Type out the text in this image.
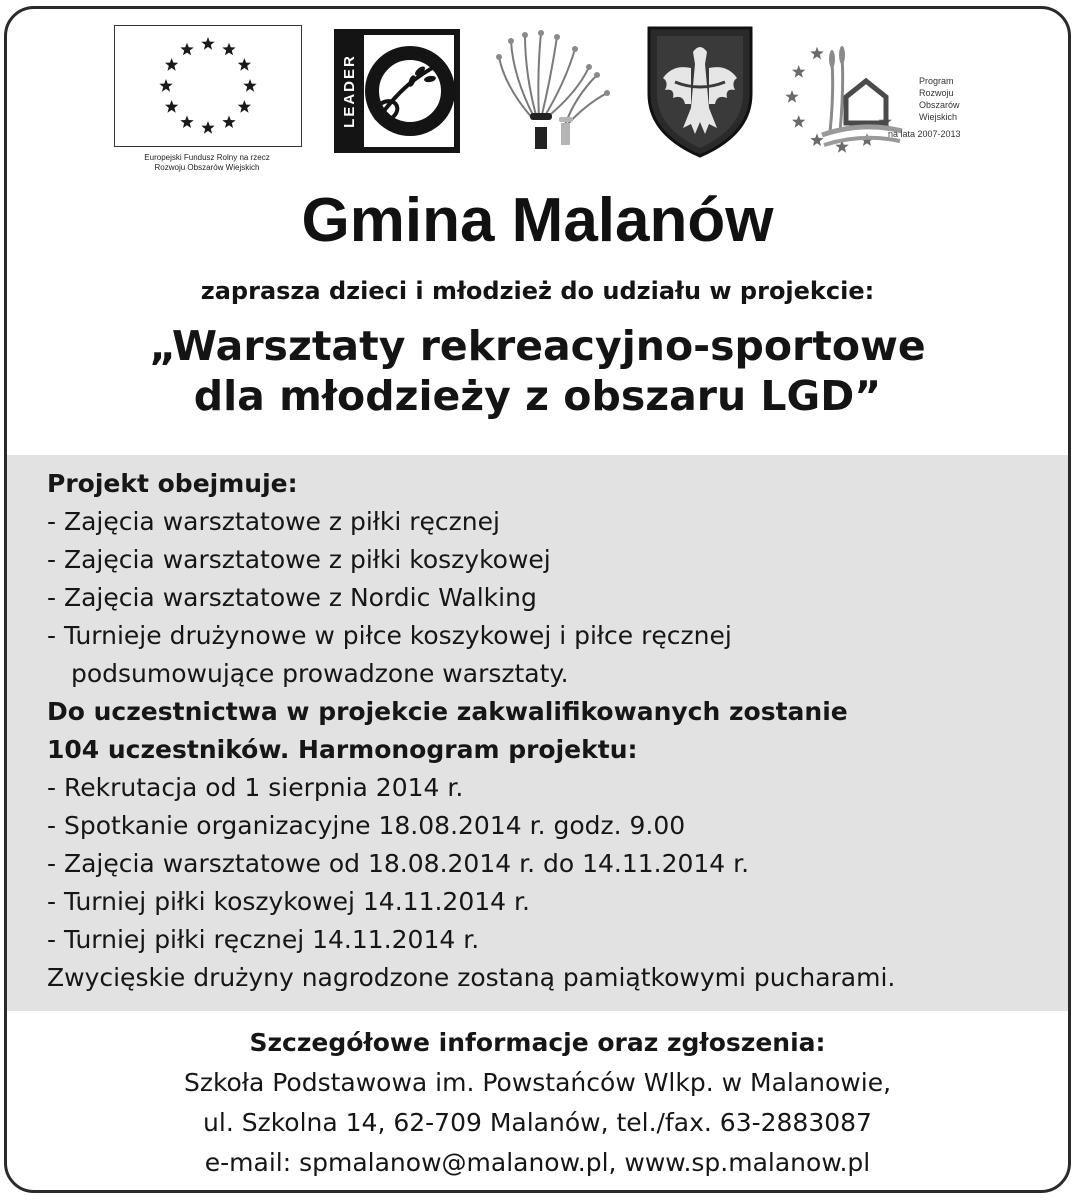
Europejski Fundusz Rolny na rzecz
Rozwoju Obszarów Wiejskich
LEADER	Program
Rozwoju
Obszarów
Wiejskich
na lata 2007-2013
Gmina Malanów

zaprasza dzieci i młodzież do udziału w projekcie:

„Warsztaty rekreacyjno-sportowe
dla młodzieży z obszaru LGD”
Projekt obejmuje:
- Zajęcia warsztatowe z piłki ręcznej
- Zajęcia warsztatowe z piłki koszykowej
- Zajęcia warsztatowe z Nordic Walking
- Turnieje drużynowe w piłce koszykowej i piłce ręcznej
podsumowujące prowadzone warsztaty.
Do uczestnictwa w projekcie zakwalifikowanych zostanie
104 uczestników. Harmonogram projektu:
- Rekrutacja od 1 sierpnia 2014 r.
- Spotkanie organizacyjne 18.08.2014 r. godz. 9.00
- Zajęcia warsztatowe od 18.08.2014 r. do 14.11.2014 r.
- Turniej piłki koszykowej 14.11.2014 r.
- Turniej piłki ręcznej 14.11.2014 r.
Zwycięskie drużyny nagrodzone zostaną pamiątkowymi pucharami.
Szczegółowe informacje oraz zgłoszenia:
Szkoła Podstawowa im. Powstańców Wlkp. w Malanowie,
ul. Szkolna 14, 62-709 Malanów, tel./fax. 63-2883087
e-mail: spmalanow@malanow.pl, www.sp.malanow.pl
